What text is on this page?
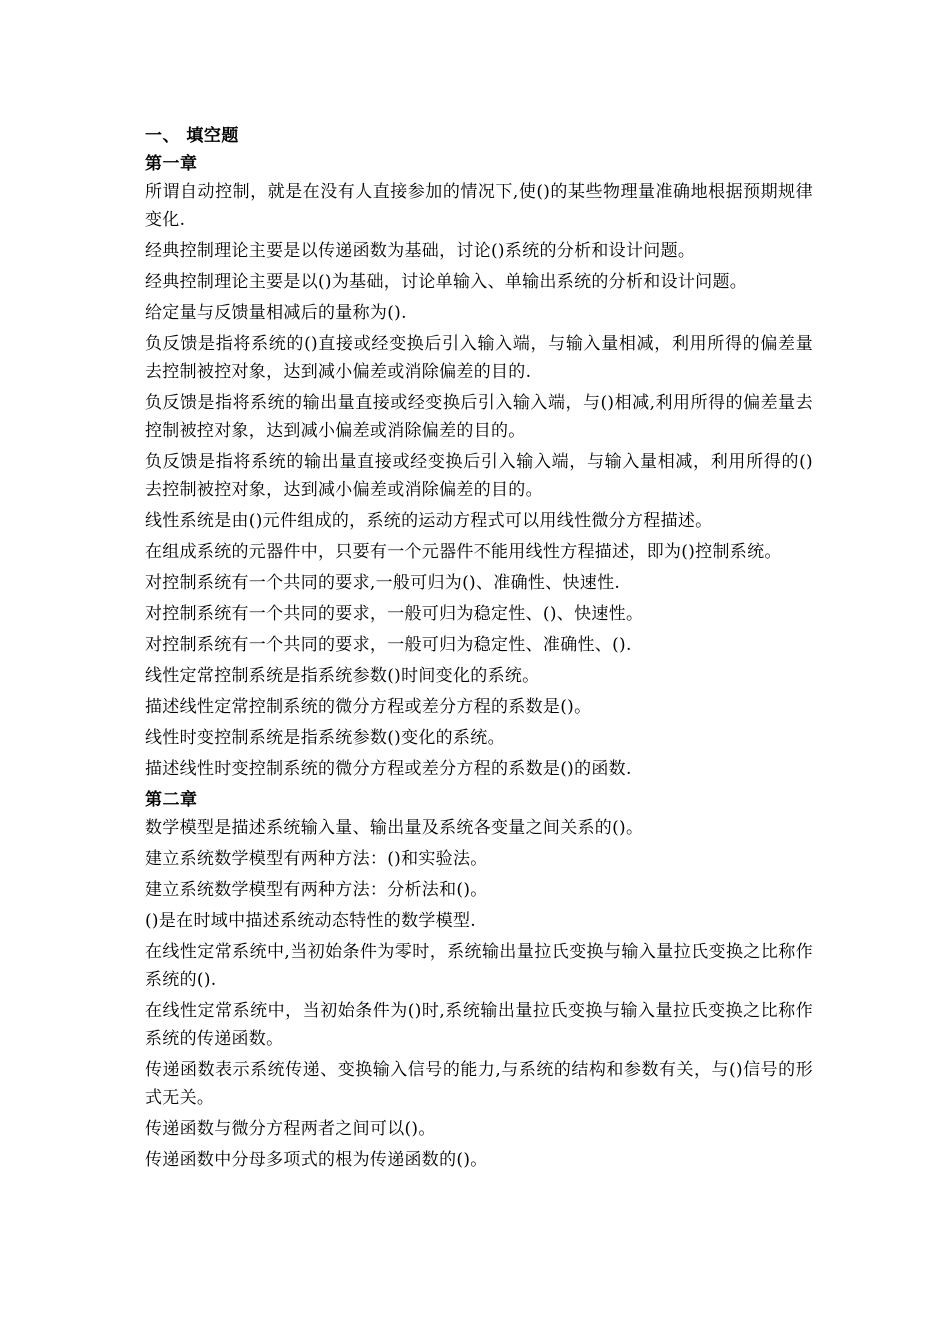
一、 填空题
第一章

所谓自动控制，就是在没有人直接参加的情况下,使()的某些物理量准确地根据预期规律变化.

经典控制理论主要是以传递函数为基础，讨论()系统的分析和设计问题。

经典控制理论主要是以()为基础，讨论单输入、单输出系统的分析和设计问题。

给定量与反馈量相减后的量称为().

负反馈是指将系统的()直接或经变换后引入输入端，与输入量相减，利用所得的偏差量去控制被控对象，达到减小偏差或消除偏差的目的.

负反馈是指将系统的输出量直接或经变换后引入输入端，与()相减,利用所得的偏差量去控制被控对象，达到减小偏差或消除偏差的目的。

负反馈是指将系统的输出量直接或经变换后引入输入端，与输入量相减，利用所得的()去控制被控对象，达到减小偏差或消除偏差的目的。

线性系统是由()元件组成的，系统的运动方程式可以用线性微分方程描述。

在组成系统的元器件中，只要有一个元器件不能用线性方程描述，即为()控制系统。

对控制系统有一个共同的要求,一般可归为()、准确性、快速性.

对控制系统有一个共同的要求，一般可归为稳定性、()、快速性。

对控制系统有一个共同的要求，一般可归为稳定性、准确性、().

线性定常控制系统是指系统参数()时间变化的系统。

描述线性定常控制系统的微分方程或差分方程的系数是()。

线性时变控制系统是指系统参数()变化的系统。

描述线性时变控制系统的微分方程或差分方程的系数是()的函数.

第二章

数学模型是描述系统输入量、输出量及系统各变量之间关系的()。

建立系统数学模型有两种方法：()和实验法。

建立系统数学模型有两种方法：分析法和()。

()是在时域中描述系统动态特性的数学模型.

在线性定常系统中,当初始条件为零时，系统输出量拉氏变换与输入量拉氏变换之比称作系统的().

在线性定常系统中，当初始条件为()时,系统输出量拉氏变换与输入量拉氏变换之比称作系统的传递函数。

传递函数表示系统传递、变换输入信号的能力,与系统的结构和参数有关，与()信号的形式无关。

传递函数与微分方程两者之间可以()。

传递函数中分母多项式的根为传递函数的()。
